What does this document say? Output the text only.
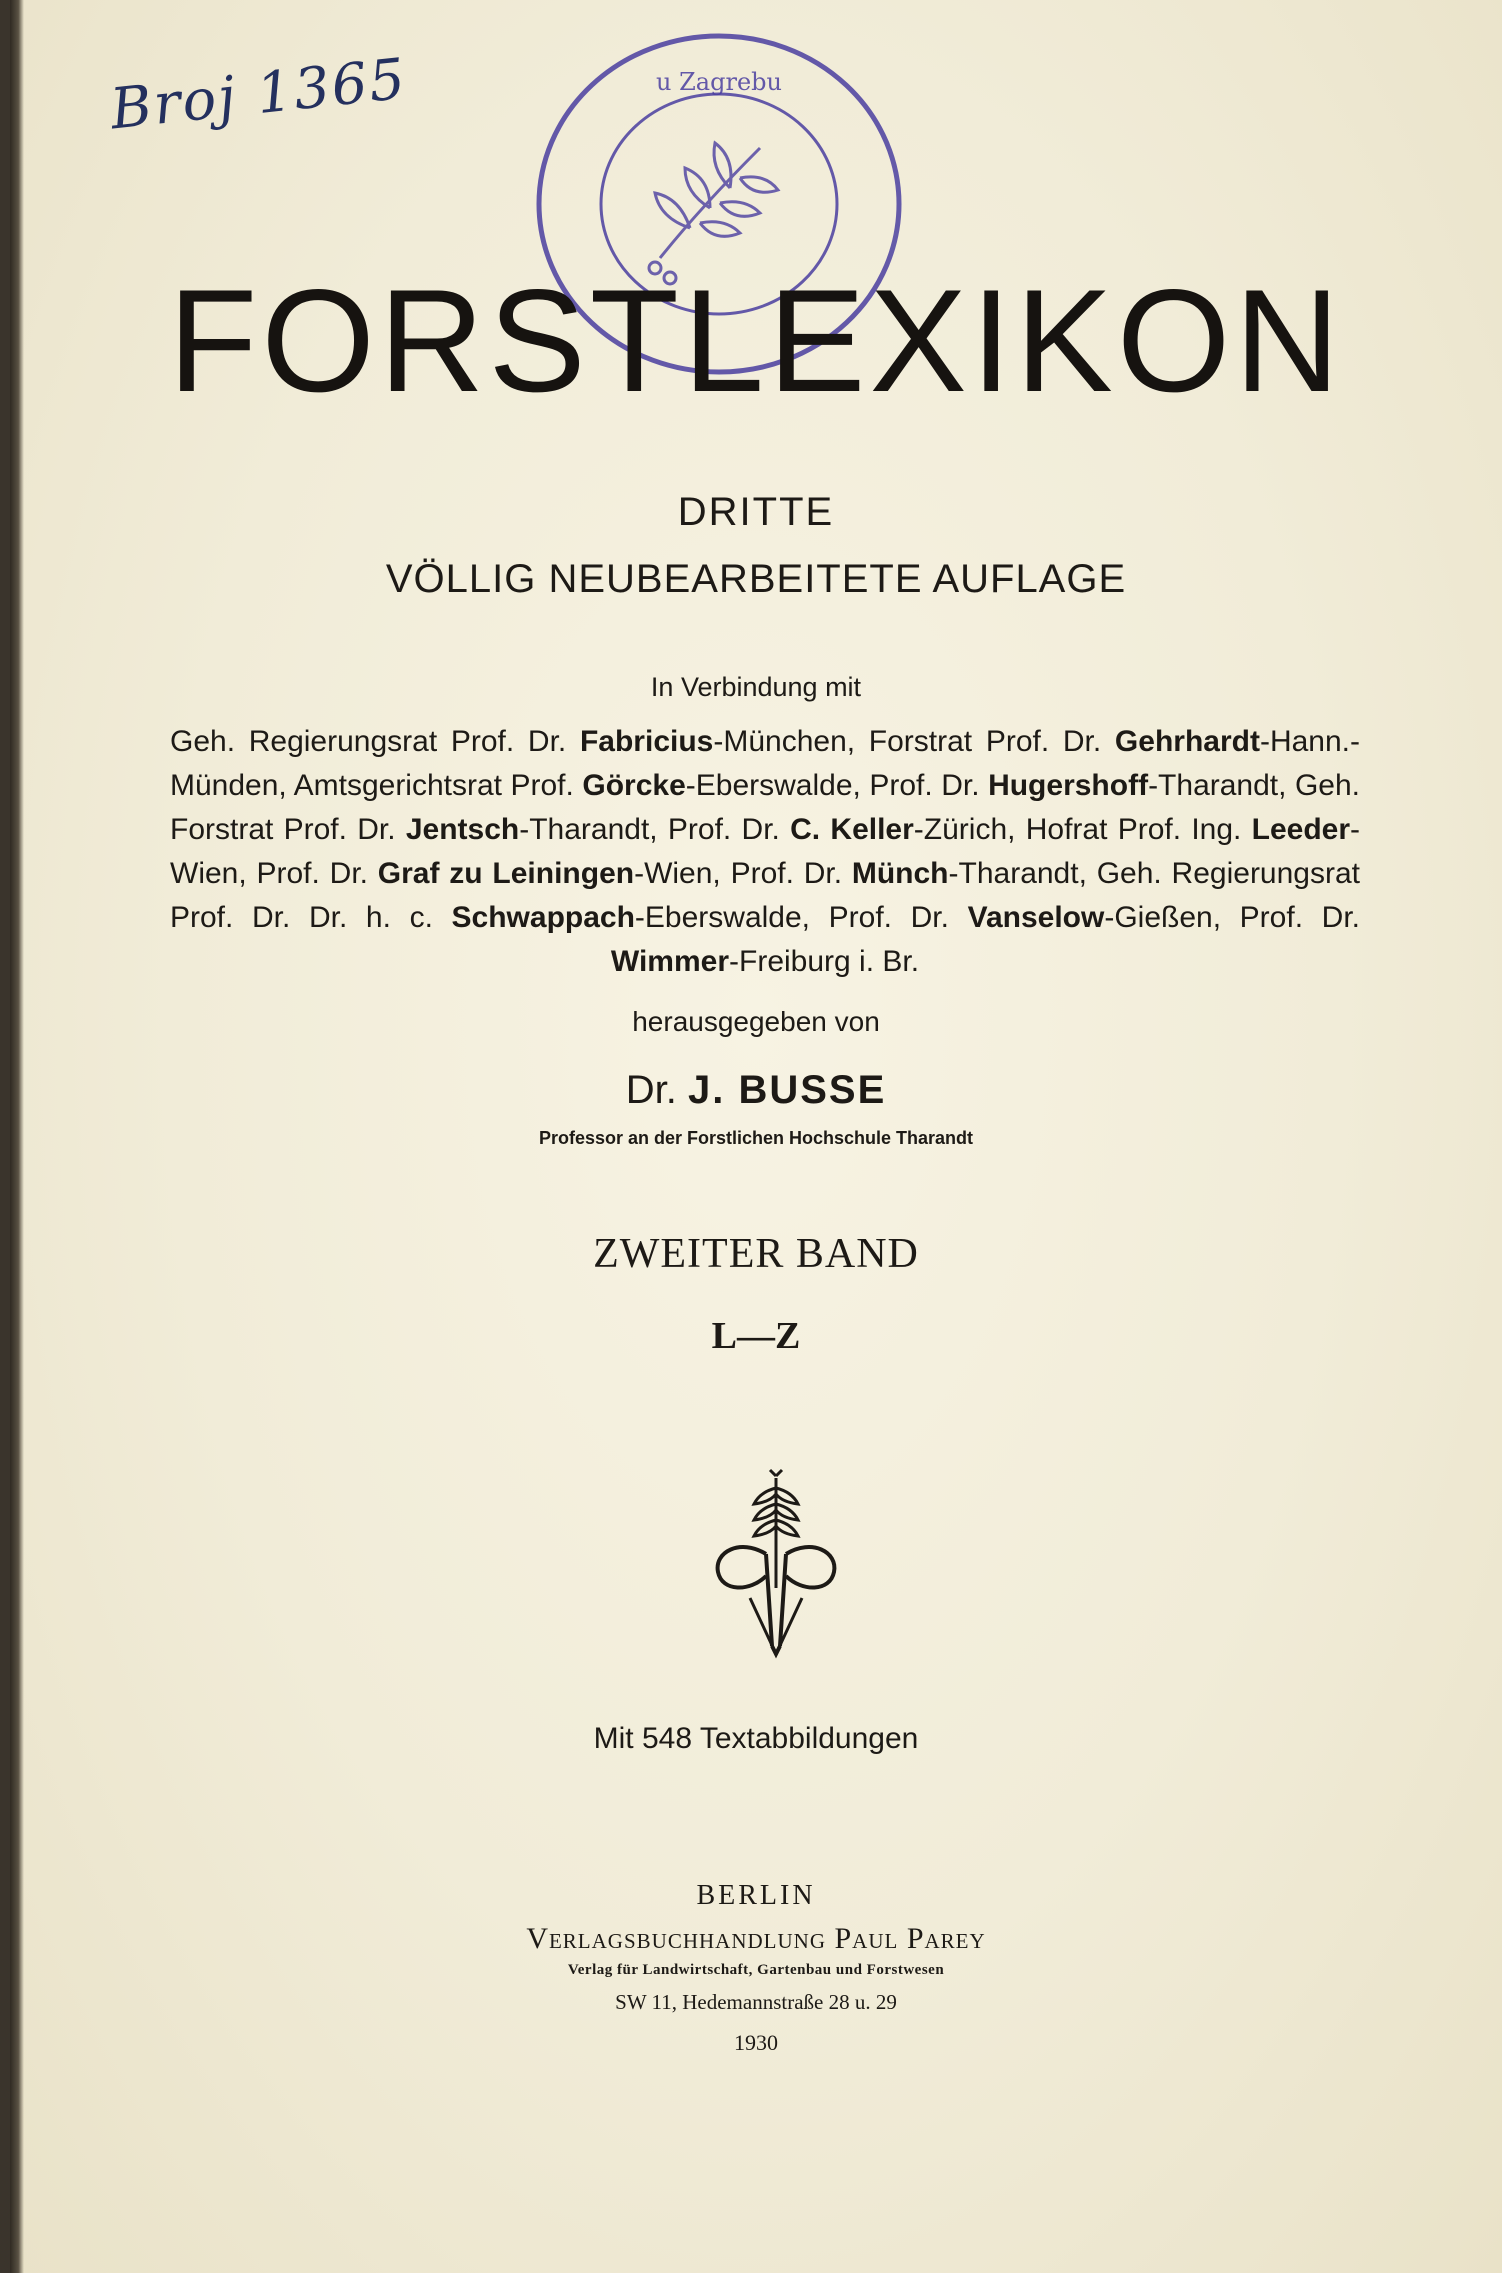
Broj 1365	u Zagrebu
FORSTLEXIKON
DRITTE
VÖLLIG NEUBEARBEITETE AUFLAGE
In Verbindung mit
Geh. Regierungsrat Prof. Dr. Fabricius-München, Forstrat Prof. Dr. Gehrhardt-Hann.-Münden, Amtsgerichtsrat Prof. Görcke-Eberswalde, Prof. Dr. Hugershoff-Tharandt, Geh. Forstrat Prof. Dr. Jentsch-Tharandt, Prof. Dr. C. Keller-Zürich, Hofrat Prof. Ing. Leeder-Wien, Prof. Dr. Graf zu Leiningen-Wien, Prof. Dr. Münch-Tharandt, Geh. Regierungsrat Prof. Dr. Dr. h. c. Schwappach-Eberswalde, Prof. Dr. Vanselow-Gießen, Prof. Dr. Wimmer-Freiburg i. Br.
herausgegeben von
Dr. J. BUSSE
Professor an der Forstlichen Hochschule Tharandt
ZWEITER BAND
L—Z
Mit 548 Textabbildungen
BERLIN
Verlagsbuchhandlung Paul Parey
Verlag für Landwirtschaft, Gartenbau und Forstwesen
SW 11, Hedemannstraße 28 u. 29
1930
